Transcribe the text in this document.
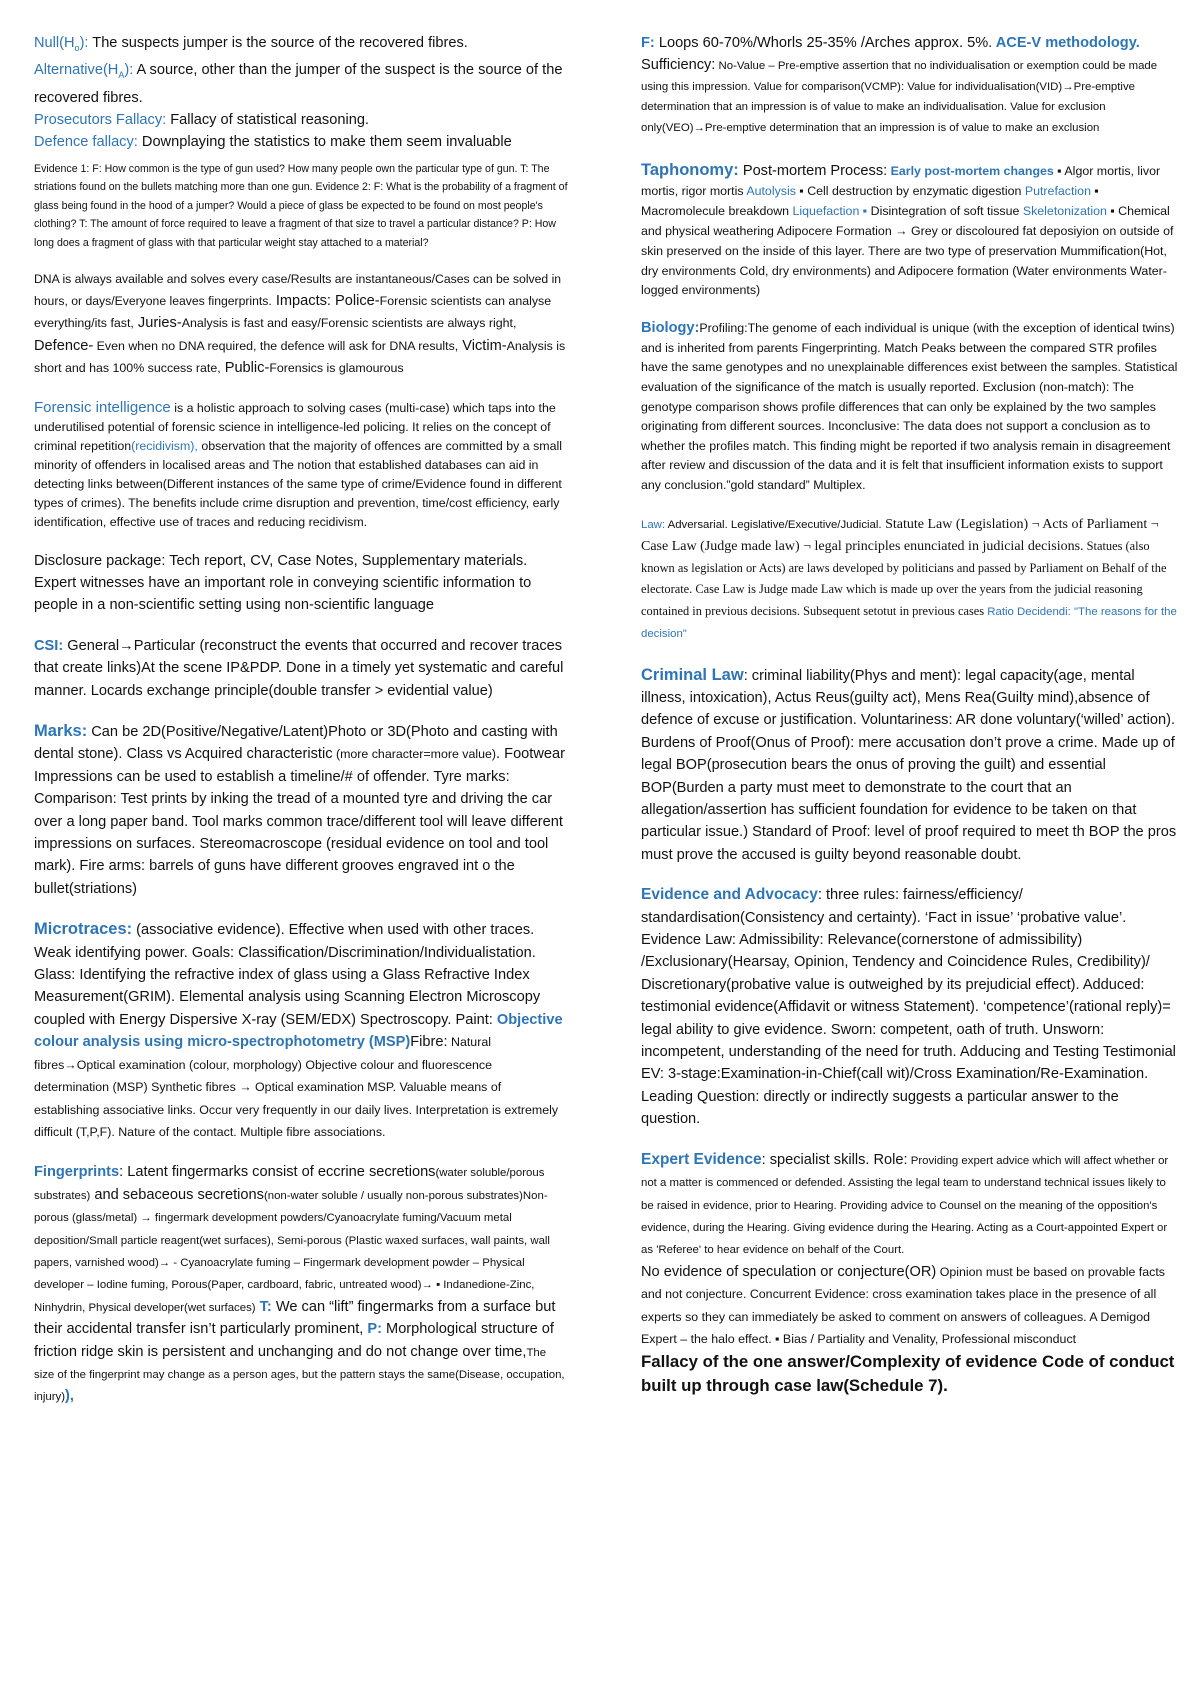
$Null(H_o)$: The suspects jumper is the source of the recovered fibres.

$Alternative(H_A)$: A source, other than the jumper of the suspect is the source of the recovered fibres.

Prosecutors Fallacy: Fallacy of statistical reasoning.

Defence fallacy: Downplaying the statistics to make them seem invaluable

Evidence 1: F: How common is the type of gun used? How many people own the particular type of gun. T: The striations found on the bullets matching more than one gun. Evidence 2: F: What is the probability of a fragment of glass being found in the hood of a jumper? Would a piece of glass be expected to be found on most people's clothing? T: The amount of force required to leave a fragment of that size to travel a particular distance? P: How long does a fragment of glass with that particular weight stay attached to a material?

DNA is always available and solves every case/Results are instantaneous/Cases can be solved in hours, or days/Everyone leaves fingerprints. Impacts: Police-Forensic scientists can analyse everything/its fast, Juries-Analysis is fast and easy/Forensic scientists are always right, Defence- Even when no DNA required, the defence will ask for DNA results, Victim-Analysis is short and has 100% success rate, Public-Forensics is glamourous

Forensic intelligence is a holistic approach to solving cases (multi-case) which taps into the underutilised potential of forensic science in intelligence-led policing. It relies on the concept of criminal repetition(recidivism), observation that the majority of offences are committed by a small minority of offenders in localised areas and The notion that established databases can aid in detecting links between(Different instances of the same type of crime/Evidence found in different types of crimes). The benefits include crime disruption and prevention, time/cost efficiency, early identification, effective use of traces and reducing recidivism.

Disclosure package: Tech report, CV, Case Notes, Supplementary materials. Expert witnesses have an important role in conveying scientific information to people in a non-scientific setting using non-scientific language

CSI: General→Particular (reconstruct the events that occurred and recover traces that create links)At the scene IP&PDP. Done in a timely yet systematic and careful manner. Locards exchange principle(double transfer > evidential value)

Marks: Can be 2D(Positive/Negative/Latent)Photo or 3D(Photo and casting with dental stone). Class vs Acquired characteristic (more character=more value). Footwear Impressions can be used to establish a timeline/# of offender. Tyre marks: Comparison: Test prints by inking the tread of a mounted tyre and driving the car over a long paper band. Tool marks common trace/different tool will leave different impressions on surfaces. Stereomacroscope (residual evidence on tool and tool mark). Fire arms: barrels of guns have different grooves engraved int o the bullet(striations)

Microtraces: (associative evidence). Effective when used with other traces. Weak identifying power. Goals: Classification/Discrimination/Individualistation. Glass: Identifying the refractive index of glass using a Glass Refractive Index Measurement(GRIM). Elemental analysis using Scanning Electron Microscopy coupled with Energy Dispersive X-ray (SEM/EDX) Spectroscopy. Paint: Objective colour analysis using micro-spectrophotometry (MSP)Fibre: Natural fibres→Optical examination (colour, morphology) Objective colour and fluorescence determination (MSP) Synthetic fibres → Optical examination MSP. Valuable means of establishing associative links. Occur very frequently in our daily lives. Interpretation is extremely difficult (T,P,F). Nature of the contact. Multiple fibre associations.

Fingerprints: Latent fingermarks consist of eccrine secretions(water soluble/porous substrates) and sebaceous secretions(non-water soluble / usually non-porous substrates)Non-porous (glass/metal) → fingermark development powders/Cyanoacrylate fuming/Vacuum metal deposition/Small particle reagent(wet surfaces), Semi-porous (Plastic waxed surfaces, wall paints, wall papers, varnished wood)→ - Cyanoacrylate fuming – Fingermark development powder – Physical developer – Iodine fuming, Porous(Paper, cardboard, fabric, untreated wood)→ ▪ Indanedione-Zinc, Ninhydrin, Physical developer(wet surfaces) T: We can “lift” fingermarks from a surface but their accidental transfer isn’t particularly prominent, P: Morphological structure of friction ridge skin is persistent and unchanging and do not change over time,The size of the fingerprint may change as a person ages, but the pattern stays the same(Disease, occupation, injury)),

F: Loops 60-70%/Whorls 25-35% /Arches approx. 5%. ACE-V methodology. Sufficiency: No-Value – Pre-emptive assertion that no individualisation or exemption could be made using this impression. Value for comparison(VCMP): Value for individualisation(VID)→Pre-emptive determination that an impression is of value to make an individualisation. Value for exclusion only(VEO)→Pre-emptive determination that an impression is of value to make an exclusion

Taphonomy: Post-mortem Process: Early post-mortem changes ▪ Algor mortis, livor mortis, rigor mortis Autolysis ▪ Cell destruction by enzymatic digestion Putrefaction ▪ Macromolecule breakdown Liquefaction ▪ Disintegration of soft tissue Skeletonization ▪ Chemical and physical weathering Adipocere Formation → Grey or discoloured fat deposiyion on outside of skin preserved on the inside of this layer. There are two type of preservation Mummification(Hot, dry environments Cold, dry environments) and Adipocere formation (Water environments Water-logged environments)

Biology:Profiling:The genome of each individual is unique (with the exception of identical twins) and is inherited from parents Fingerprinting. Match Peaks between the compared STR profiles have the same genotypes and no unexplainable differences exist between the samples. Statistical evaluation of the significance of the match is usually reported. Exclusion (non-match): The genotype comparison shows profile differences that can only be explained by the two samples originating from different sources. Inconclusive: The data does not support a conclusion as to whether the profiles match. This finding might be reported if two analysis remain in disagreement after review and discussion of the data and it is felt that insufficient information exists to support any conclusion.”gold standard” Multiplex.

Law: Adversarial. Legislative/Executive/Judicial. Statute Law (Legislation) ¬ Acts of Parliament ¬ Case Law (Judge made law) ¬ legal principles enunciated in judicial decisions. Statues (also known as legislation or Acts) are laws developed by politicians and passed by Parliament on Behalf of the electorate. Case Law is Judge made Law which is made up over the years from the judicial reasoning contained in previous decisions. Subsequent setotut in previous cases Ratio Decidendi: "The reasons for the decision"

Criminal Law: criminal liability(Phys and ment): legal capacity(age, mental illness, intoxication), Actus Reus(guilty act), Mens Rea(Guilty mind),absence of defence of excuse or justification. Voluntariness: AR done voluntary(‘willed’ action). Burdens of Proof(Onus of Proof): mere accusation don’t prove a crime. Made up of legal BOP(prosecution bears the onus of proving the guilt) and essential BOP(Burden a party must meet to demonstrate to the court that an allegation/assertion has sufficient foundation for evidence to be taken on that particular issue.) Standard of Proof: level of proof required to meet th BOP the pros must prove the accused is guilty beyond reasonable doubt.

Evidence and Advocacy: three rules: fairness/efficiency/ standardisation(Consistency and certainty). ‘Fact in issue’ ‘probative value’. Evidence Law: Admissibility: Relevance(cornerstone of admissibility) /Exclusionary(Hearsay, Opinion, Tendency and Coincidence Rules, Credibility)/ Discretionary(probative value is outweighed by its prejudicial effect). Adduced: testimonial evidence(Affidavit or witness Statement). ‘competence’(rational reply)= legal ability to give evidence. Sworn: competent, oath of truth. Unsworn: incompetent, understanding of the need for truth. Adducing and Testing Testimonial EV: 3-stage:Examination-in-Chief(call wit)/Cross Examination/Re-Examination. Leading Question: directly or indirectly suggests a particular answer to the question.

Expert Evidence: specialist skills. Role: Providing expert advice which will affect whether or not a matter is commenced or defended. Assisting the legal team to understand technical issues likely to be raised in evidence, prior to Hearing. Providing advice to Counsel on the meaning of the opposition's evidence, during the Hearing. Giving evidence during the Hearing. Acting as a Court-appointed Expert or as 'Referee' to hear evidence on behalf of the Court.

No evidence of speculation or conjecture(OR) Opinion must be based on provable facts and not conjecture. Concurrent Evidence: cross examination takes place in the presence of all experts so they can immediately be asked to comment on answers of colleagues. A Demigod Expert – the halo effect. ▪ Bias / Partiality and Venality, Professional misconduct

Fallacy of the one answer/Complexity of evidence Code of conduct built up through case law(Schedule 7).
